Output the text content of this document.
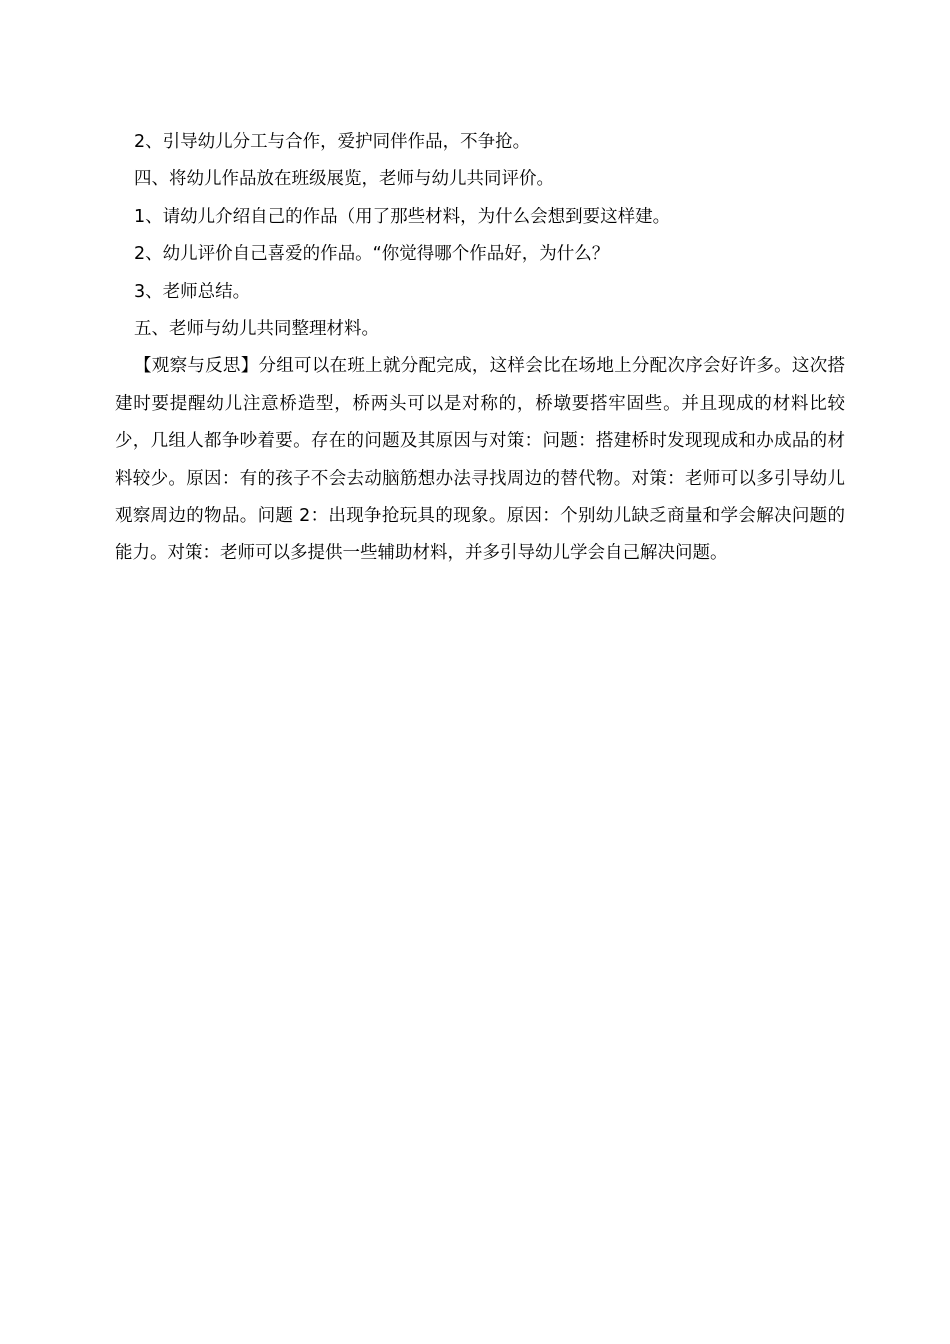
2、引导幼儿分工与合作，爱护同伴作品，不争抢。

四、将幼儿作品放在班级展览，老师与幼儿共同评价。

1、请幼儿介绍自己的作品（用了那些材料，为什么会想到要这样建。

2、幼儿评价自己喜爱的作品。“你觉得哪个作品好，为什么？

3、老师总结。

五、老师与幼儿共同整理材料。

【观察与反思】分组可以在班上就分配完成，这样会比在场地上分配次序会好许多。这次搭建时要提醒幼儿注意桥造型，桥两头可以是对称的，桥墩要搭牢固些。并且现成的材料比较少，几组人都争吵着要。存在的问题及其原因与对策：问题：搭建桥时发现现成和办成品的材料较少。原因：有的孩子不会去动脑筋想办法寻找周边的替代物。对策：老师可以多引导幼儿观察周边的物品。问题 2：出现争抢玩具的现象。原因：个别幼儿缺乏商量和学会解决问题的能力。对策：老师可以多提供一些辅助材料，并多引导幼儿学会自己解决问题。
